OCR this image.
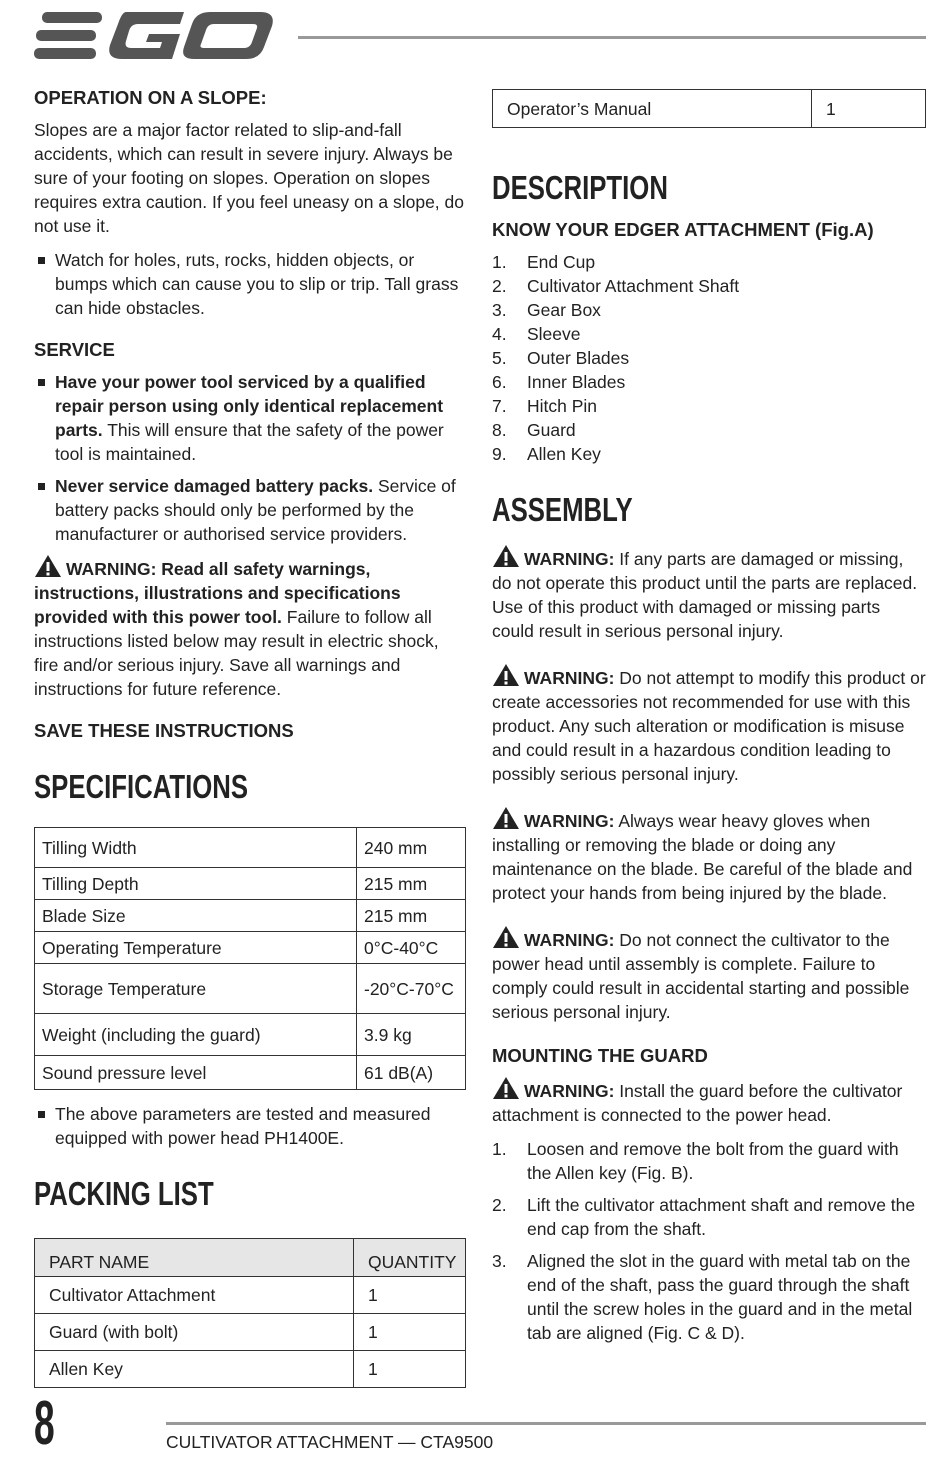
EGO
OPERATION ON A SLOPE:

Slopes are a major factor related to slip-and-fall accidents, which can result in severe injury. Always be sure of your footing on slopes. Operation on slopes requires extra caution. If you feel uneasy on a slope, do not use it.

Watch for holes, ruts, rocks, hidden objects, or bumps which can cause you to slip or trip. Tall grass can hide obstacles.
SERVICE
Have your power tool serviced by a qualified repair person using only identical replacement parts. This will ensure that the safety of the power tool is maintained.
Never service damaged battery packs. Service of battery packs should only be performed by the manufacturer or authorised service providers.

WARNING: Read all safety warnings, instructions, illustrations and specifications provided with this power tool. Failure to follow all instructions listed below may result in electric shock, fire and/or serious injury. Save all warnings and instructions for future reference.

SAVE THESE INSTRUCTIONS
SPECIFICATIONS
Tilling Width	240 mm
Tilling Depth	215 mm
Blade Size	215 mm
Operating Temperature	0°C-40°C
Storage Temperature	-20°C-70°C
Weight (including the guard)	3.9 kg
Sound pressure level	61 dB(A)
The above parameters are tested and measured equipped with power head PH1400E.
PACKING LIST
PART NAME	QUANTITY
Cultivator Attachment	1
Guard (with bolt)	1
Allen Key	1
Operator’s Manual	1
DESCRIPTION
KNOW YOUR EDGER ATTACHMENT (Fig.A)
1. End Cup
2. Cultivator Attachment Shaft
3. Gear Box
4. Sleeve
5. Outer Blades
6. Inner Blades
7. Hitch Pin
8. Guard
9. Allen Key
ASSEMBLY

WARNING: If any parts are damaged or missing, do not operate this product until the parts are replaced. Use of this product with damaged or missing parts could result in serious personal injury.

WARNING: Do not attempt to modify this product or create accessories not recommended for use with this product. Any such alteration or modification is misuse and could result in a hazardous condition leading to possibly serious personal injury.

WARNING: Always wear heavy gloves when installing or removing the blade or doing any maintenance on the blade. Be careful of the blade and protect your hands from being injured by the blade.

WARNING: Do not connect the cultivator to the power head until assembly is complete. Failure to comply could result in accidental starting and possible serious personal injury.

MOUNTING THE GUARD

WARNING: Install the guard before the cultivator attachment is connected to the power head.

1. Loosen and remove the bolt from the guard with the Allen key (Fig. B).
2. Lift the cultivator attachment shaft and remove the end cap from the shaft.
3. Aligned the slot in the guard with metal tab on the end of the shaft, pass the guard through the shaft until the screw holes in the guard and in the metal tab are aligned (Fig. C & D).
8	CULTIVATOR ATTACHMENT — CTA9500
